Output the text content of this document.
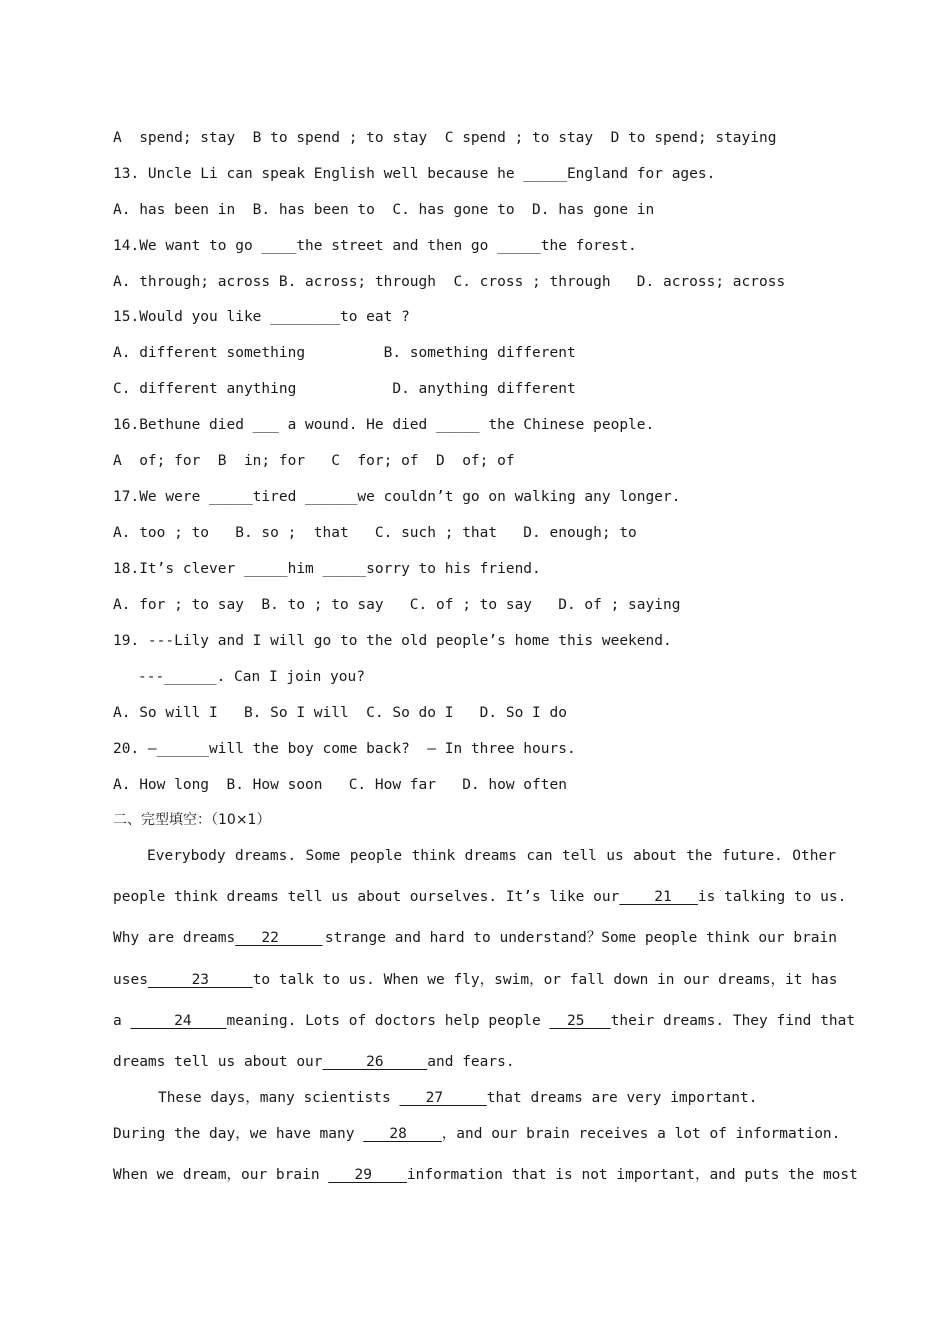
A  spend; stay  B to spend ; to stay  C spend ; to stay  D to spend; staying
13. Uncle Li can speak English well because he _____England for ages.
A. has been in  B. has been to  C. has gone to  D. has gone in
14.We want to go ____the street and then go _____the forest.
A. through; across B. across; through  C. cross ; through   D. across; across
15.Would you like ________to eat ?
A. different something         B. something different
C. different anything           D. anything different
16.Bethune died ___ a wound. He died _____ the Chinese people.
A  of; for  B  in; for   C  for; of  D  of; of
17.We were _____tired ______we couldn’t go on walking any longer.
A. too ; to   B. so ;  that   C. such ; that   D. enough; to
18.It’s clever _____him _____sorry to his friend.
A. for ; to say  B. to ; to say   C. of ; to say   D. of ; saying
19. ---Lily and I will go to the old people’s home this weekend.
---______. Can I join you?
A. So will I   B. So I will  C. So do I   D. So I do
20. —______will the boy come back?  — In three hours.
A. How long  B. How soon   C. How far   D. how often
二、完型填空：（10×1）
Everybody dreams. Some people think dreams can tell us about the future. Other
people think dreams tell us about ourselves. It’s like our 21   is talking to us.
Why are dreams   22 strange and hard to understand？Some people think our brain
uses     23 to talk to us. When we fly，swim，or fall down in our dreams，it has
a      24    meaning. Lots of doctors help people   25 their dreams. They find that
dreams tell us about our     26     and fears.
These days，many scientists    27     that dreams are very important.
During the day，we have many    28 ，and our brain receives a lot of information.
When we dream，our brain    29 information that is not important，and puts the most
